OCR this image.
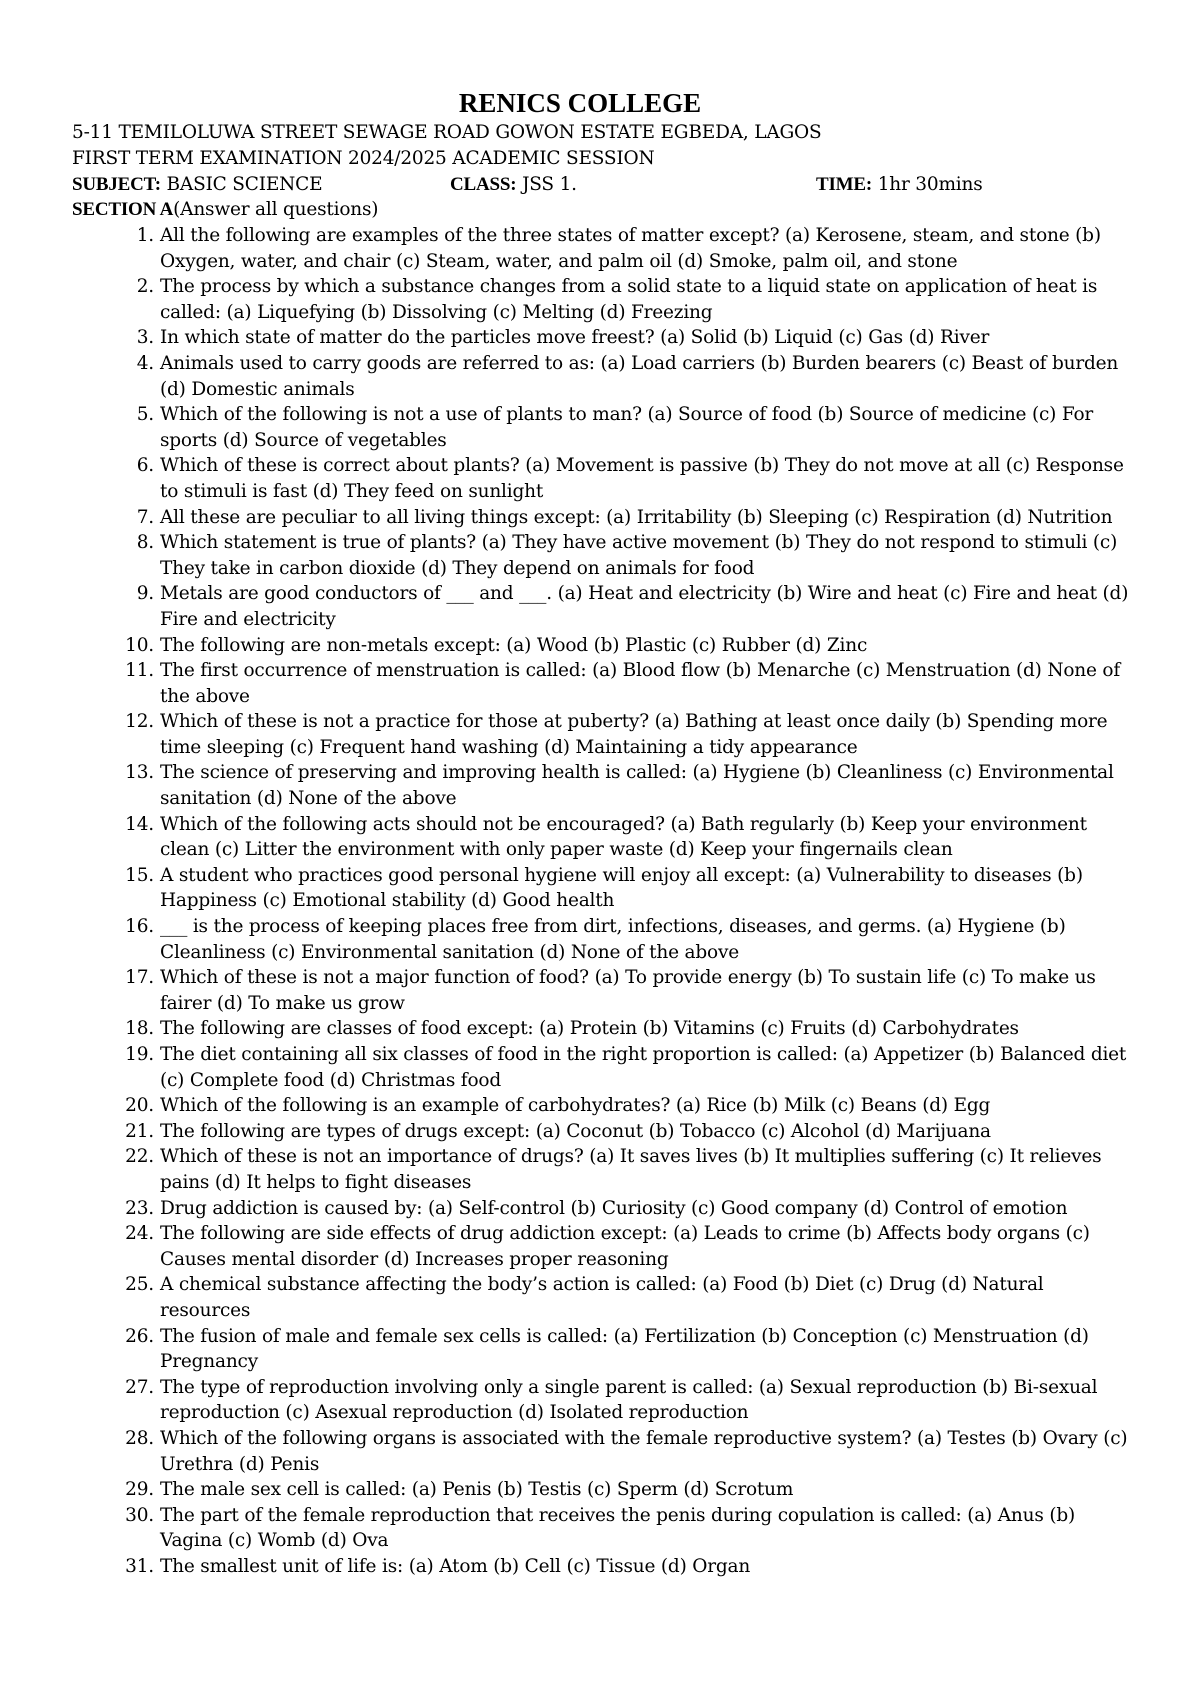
RENICS COLLEGE
5-11 TEMILOLUWA STREET SEWAGE ROAD GOWON ESTATE EGBEDA, LAGOS
FIRST TERM EXAMINATION 2024/2025 ACADEMIC SESSION
SUBJECT: BASIC SCIENCE	CLASS: JSS 1.	TIME: 1hr 30mins
SECTION A(Answer all questions)
1. All the following are examples of the three states of matter except? (a) Kerosene, steam, and stone (b) Oxygen, water, and chair (c) Steam, water, and palm oil (d) Smoke, palm oil, and stone
2. The process by which a substance changes from a solid state to a liquid state on application of heat is called: (a) Liquefying (b) Dissolving (c) Melting (d) Freezing
3. In which state of matter do the particles move freest? (a) Solid (b) Liquid (c) Gas (d) River
4. Animals used to carry goods are referred to as: (a) Load carriers (b) Burden bearers (c) Beast of burden (d) Domestic animals
5. Which of the following is not a use of plants to man? (a) Source of food (b) Source of medicine (c) For sports (d) Source of vegetables
6. Which of these is correct about plants? (a) Movement is passive (b) They do not move at all (c) Response to stimuli is fast (d) They feed on sunlight
7. All these are peculiar to all living things except: (a) Irritability (b) Sleeping (c) Respiration (d) Nutrition
8. Which statement is true of plants? (a) They have active movement (b) They do not respond to stimuli (c) They take in carbon dioxide (d) They depend on animals for food
9. Metals are good conductors of ___ and ___. (a) Heat and electricity (b) Wire and heat (c) Fire and heat (d) Fire and electricity
10. The following are non-metals except: (a) Wood (b) Plastic (c) Rubber (d) Zinc
11. The first occurrence of menstruation is called: (a) Blood flow (b) Menarche (c) Menstruation (d) None of the above
12. Which of these is not a practice for those at puberty? (a) Bathing at least once daily (b) Spending more time sleeping (c) Frequent hand washing (d) Maintaining a tidy appearance
13. The science of preserving and improving health is called: (a) Hygiene (b) Cleanliness (c) Environmental sanitation (d) None of the above
14. Which of the following acts should not be encouraged? (a) Bath regularly (b) Keep your environment clean (c) Litter the environment with only paper waste (d) Keep your fingernails clean
15. A student who practices good personal hygiene will enjoy all except: (a) Vulnerability to diseases (b) Happiness (c) Emotional stability (d) Good health
16. ___ is the process of keeping places free from dirt, infections, diseases, and germs. (a) Hygiene (b) Cleanliness (c) Environmental sanitation (d) None of the above
17. Which of these is not a major function of food? (a) To provide energy (b) To sustain life (c) To make us fairer (d) To make us grow
18. The following are classes of food except: (a) Protein (b) Vitamins (c) Fruits (d) Carbohydrates
19. The diet containing all six classes of food in the right proportion is called: (a) Appetizer (b) Balanced diet (c) Complete food (d) Christmas food
20. Which of the following is an example of carbohydrates? (a) Rice (b) Milk (c) Beans (d) Egg
21. The following are types of drugs except: (a) Coconut (b) Tobacco (c) Alcohol (d) Marijuana
22. Which of these is not an importance of drugs? (a) It saves lives (b) It multiplies suffering (c) It relieves pains (d) It helps to fight diseases
23. Drug addiction is caused by: (a) Self-control (b) Curiosity (c) Good company (d) Control of emotion
24. The following are side effects of drug addiction except: (a) Leads to crime (b) Affects body organs (c) Causes mental disorder (d) Increases proper reasoning
25. A chemical substance affecting the body’s action is called: (a) Food (b) Diet (c) Drug (d) Natural resources
26. The fusion of male and female sex cells is called: (a) Fertilization (b) Conception (c) Menstruation (d) Pregnancy
27. The type of reproduction involving only a single parent is called: (a) Sexual reproduction (b) Bi-sexual reproduction (c) Asexual reproduction (d) Isolated reproduction
28. Which of the following organs is associated with the female reproductive system? (a) Testes (b) Ovary (c) Urethra (d) Penis
29. The male sex cell is called: (a) Penis (b) Testis (c) Sperm (d) Scrotum
30. The part of the female reproduction that receives the penis during copulation is called: (a) Anus (b) Vagina (c) Womb (d) Ova
31. The smallest unit of life is: (a) Atom (b) Cell (c) Tissue (d) Organ
